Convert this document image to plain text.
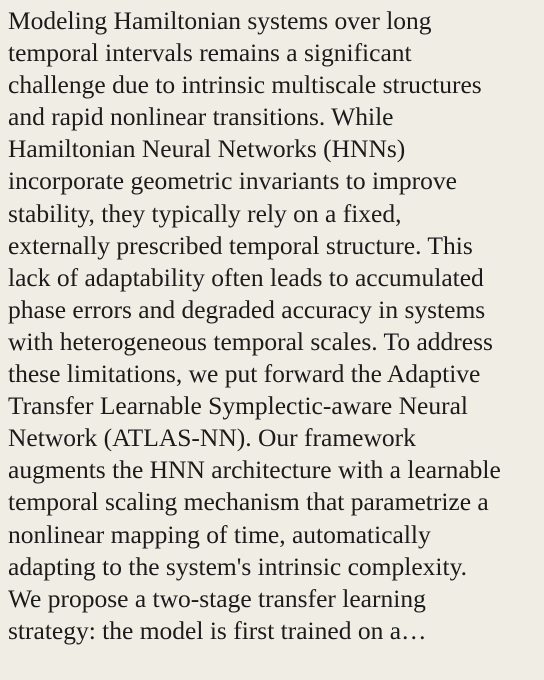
Modeling Hamiltonian systems over long
temporal intervals remains a significant
challenge due to intrinsic multiscale structures
and rapid nonlinear transitions. While
Hamiltonian Neural Networks (HNNs)
incorporate geometric invariants to improve
stability, they typically rely on a fixed,
externally prescribed temporal structure. This
lack of adaptability often leads to accumulated
phase errors and degraded accuracy in systems
with heterogeneous temporal scales. To address
these limitations, we put forward the Adaptive
Transfer Learnable Symplectic-aware Neural
Network (ATLAS-NN). Our framework
augments the HNN architecture with a learnable
temporal scaling mechanism that parametrize a
nonlinear mapping of time, automatically
adapting to the system's intrinsic complexity.
We propose a two-stage transfer learning
strategy: the model is first trained on a…
